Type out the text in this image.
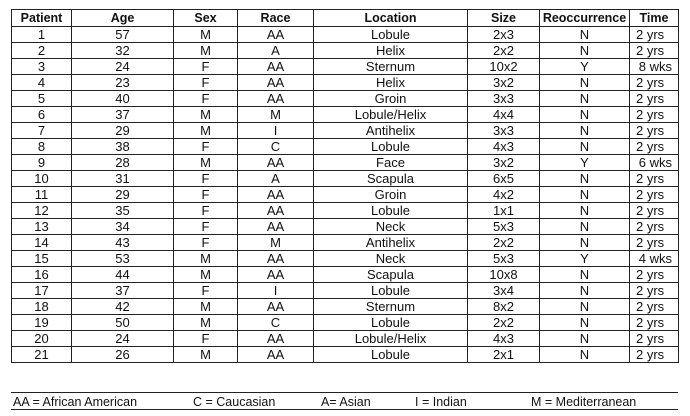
Patient	Age	Sex	Race	Location	Size	Reoccurrence	Time
1	57	M	AA	Lobule	2x3	N	2 yrs
2	32	M	A	Helix	2x2	N	2 yrs
3	24	F	AA	Sternum	10x2	Y	8 wks
4	23	F	AA	Helix	3x2	N	2 yrs
5	40	F	AA	Groin	3x3	N	2 yrs
6	37	M	M	Lobule/Helix	4x4	N	2 yrs
7	29	M	I	Antihelix	3x3	N	2 yrs
8	38	F	C	Lobule	4x3	N	2 yrs
9	28	M	AA	Face	3x2	Y	6 wks
10	31	F	A	Scapula	6x5	N	2 yrs
11	29	F	AA	Groin	4x2	N	2 yrs
12	35	F	AA	Lobule	1x1	N	2 yrs
13	34	F	AA	Neck	5x3	N	2 yrs
14	43	F	M	Antihelix	2x2	N	2 yrs
15	53	M	AA	Neck	5x3	Y	4 wks
16	44	M	AA	Scapula	10x8	N	2 yrs
17	37	F	I	Lobule	3x4	N	2 yrs
18	42	M	AA	Sternum	8x2	N	2 yrs
19	50	M	C	Lobule	2x2	N	2 yrs
20	24	F	AA	Lobule/Helix	4x3	N	2 yrs
21	26	M	AA	Lobule	2x1	N	2 yrs
AA = African American	C = Caucasian	A= Asian	I = Indian	M = Mediterranean
